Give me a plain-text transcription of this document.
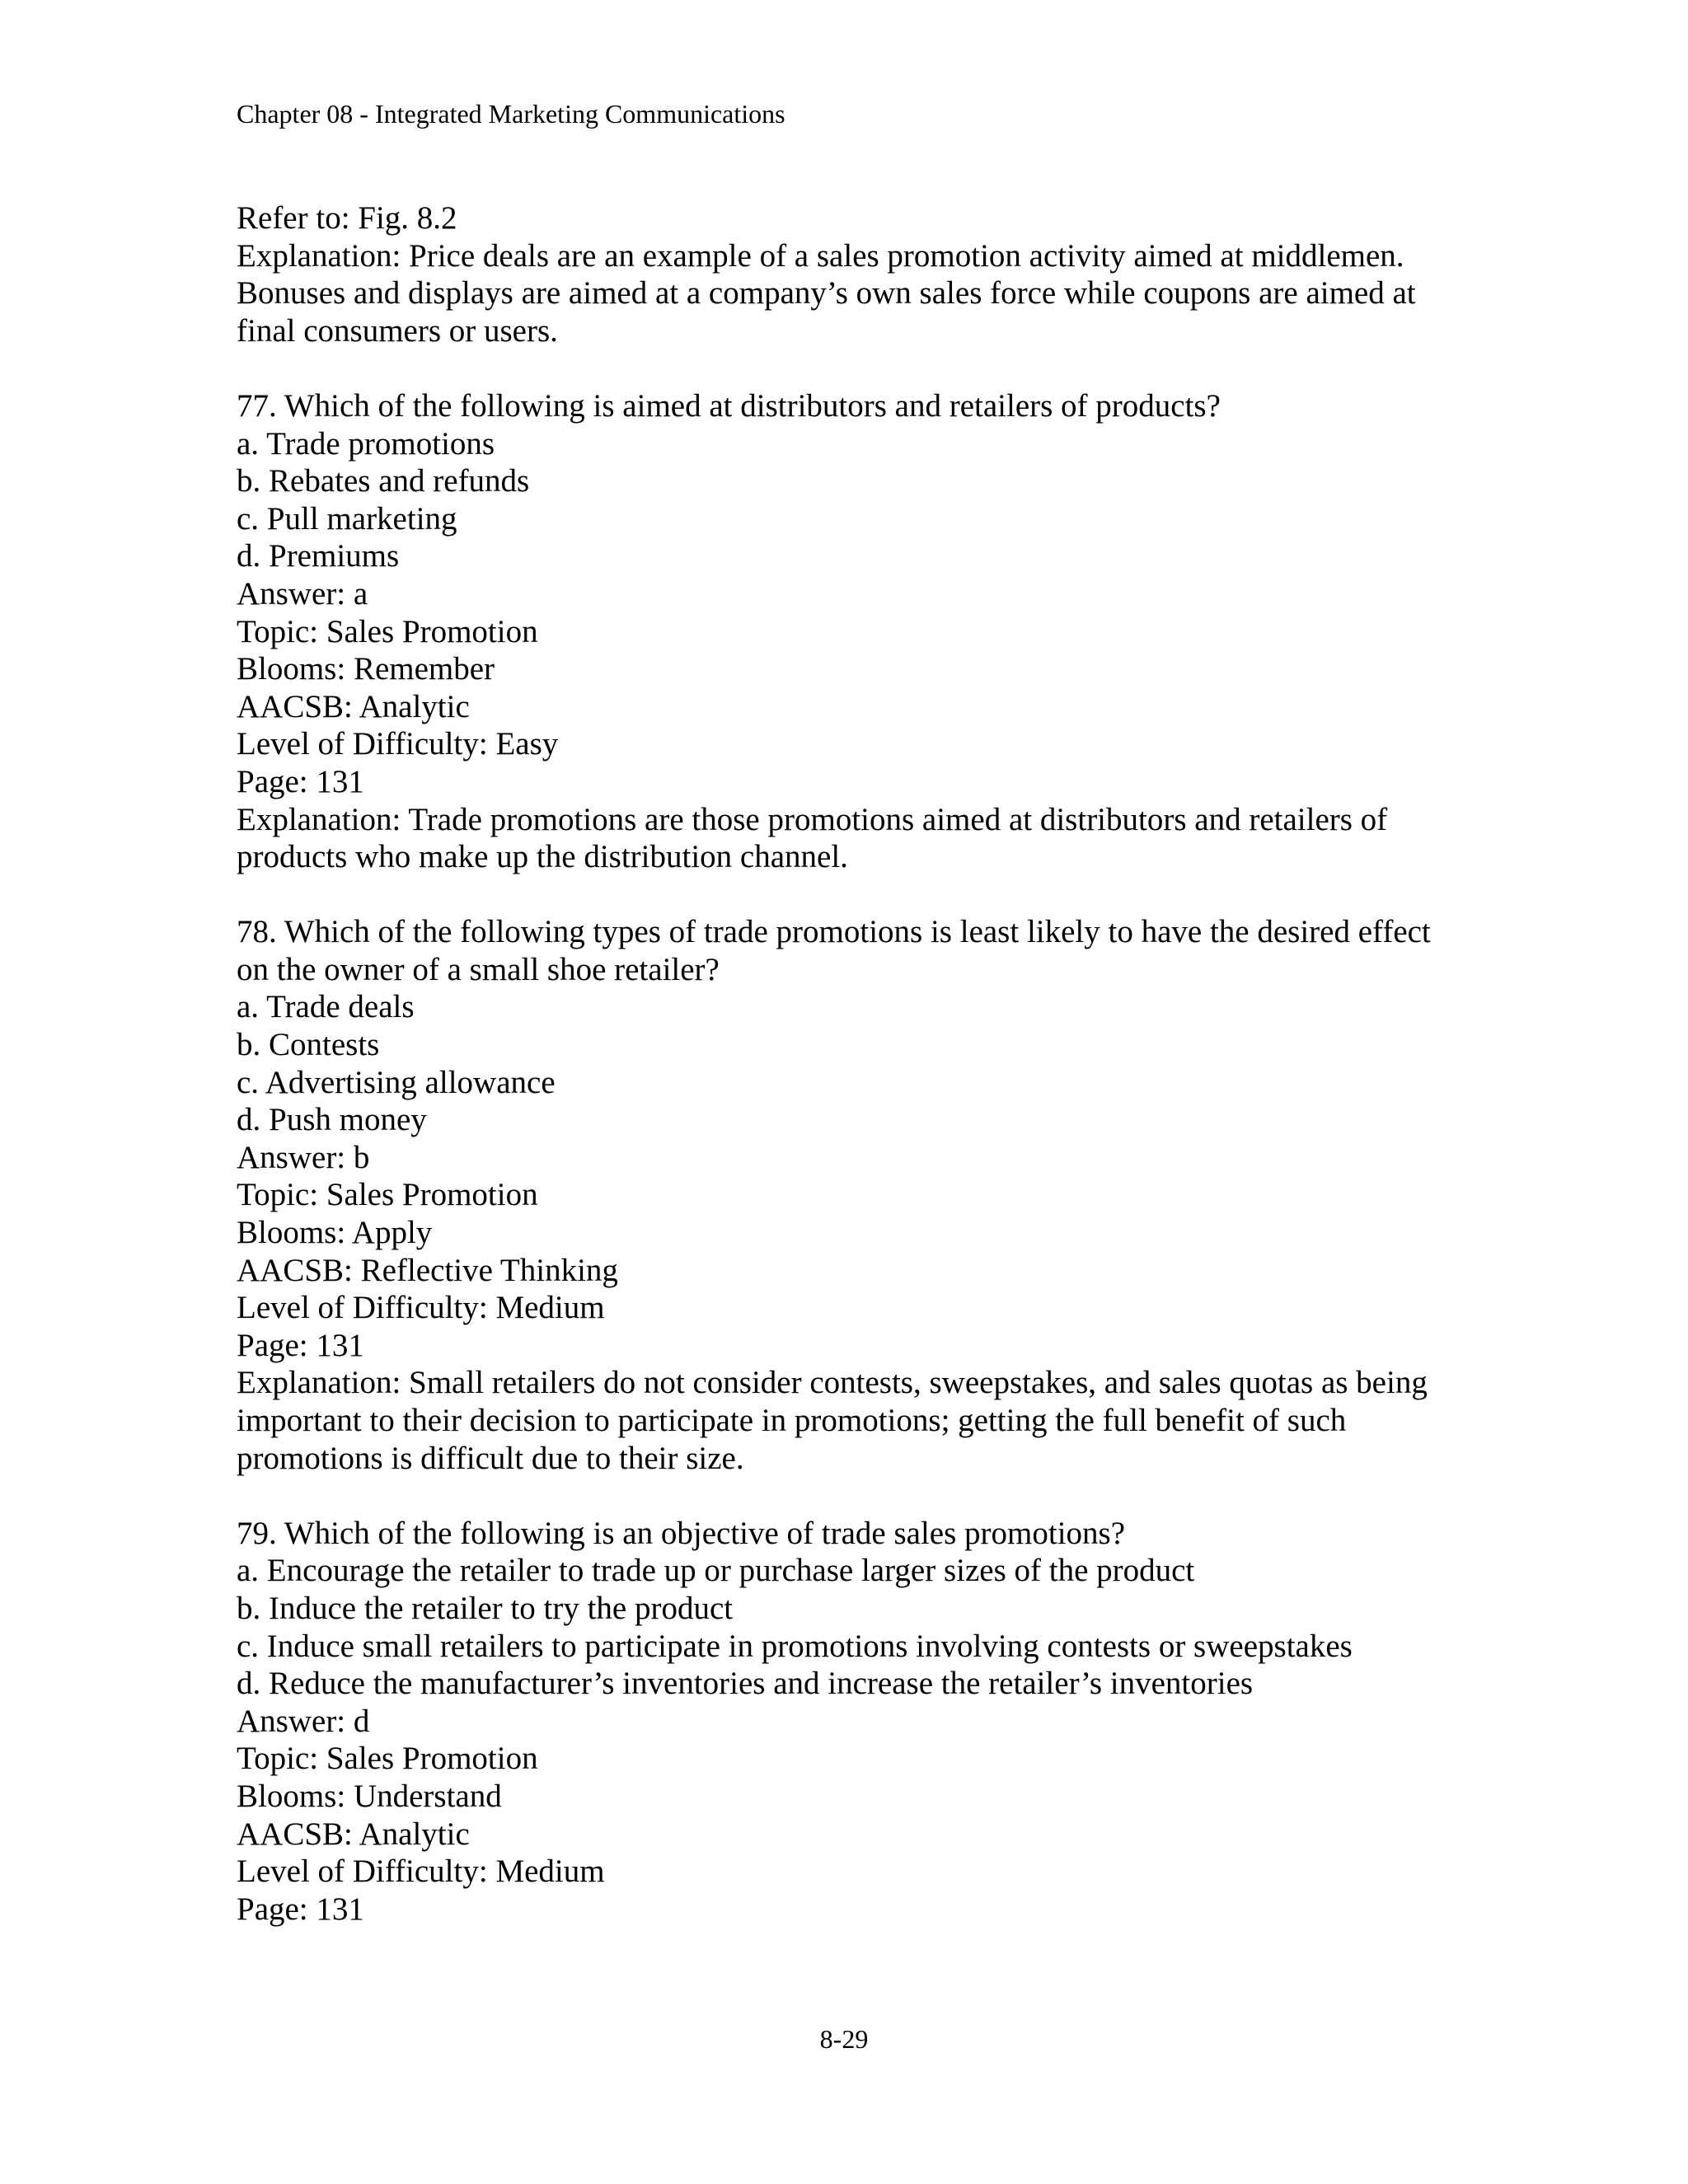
Chapter 08 - Integrated Marketing Communications
Refer to: Fig. 8.2
Explanation: Price deals are an example of a sales promotion activity aimed at middlemen.
Bonuses and displays are aimed at a company’s own sales force while coupons are aimed at
final consumers or users.
77. Which of the following is aimed at distributors and retailers of products?
a. Trade promotions
b. Rebates and refunds
c. Pull marketing
d. Premiums
Answer: a
Topic: Sales Promotion
Blooms: Remember
AACSB: Analytic
Level of Difficulty: Easy
Page: 131
Explanation: Trade promotions are those promotions aimed at distributors and retailers of
products who make up the distribution channel.
78. Which of the following types of trade promotions is least likely to have the desired effect
on the owner of a small shoe retailer?
a. Trade deals
b. Contests
c. Advertising allowance
d. Push money
Answer: b
Topic: Sales Promotion
Blooms: Apply
AACSB: Reflective Thinking
Level of Difficulty: Medium
Page: 131
Explanation: Small retailers do not consider contests, sweepstakes, and sales quotas as being
important to their decision to participate in promotions; getting the full benefit of such
promotions is difficult due to their size.
79. Which of the following is an objective of trade sales promotions?
a. Encourage the retailer to trade up or purchase larger sizes of the product
b. Induce the retailer to try the product
c. Induce small retailers to participate in promotions involving contests or sweepstakes
d. Reduce the manufacturer’s inventories and increase the retailer’s inventories
Answer: d
Topic: Sales Promotion
Blooms: Understand
AACSB: Analytic
Level of Difficulty: Medium
Page: 131
8-29
